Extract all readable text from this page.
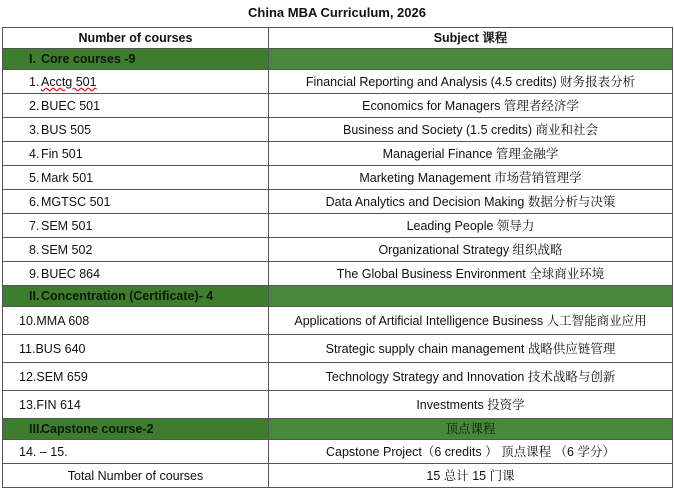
China MBA Curriculum, 2026
Number of courses	Subject 课程
I. Core courses -9	
1. Acctg 501	Financial Reporting and Analysis (4.5 credits) 财务报表分析
2. BUEC 501	Economics for Managers 管理者经济学
3. BUS 505	Business and Society (1.5 credits) 商业和社会
4. Fin 501	Managerial Finance 管理金融学
5. Mark 501	Marketing Management 市场营销管理学
6. MGTSC 501	Data Analytics and Decision Making 数据分析与决策
7. SEM 501	Leading People 领导力
8. SEM 502	Organizational Strategy 组织战略
9. BUEC 864	The Global Business Environment 全球商业环境
II. Concentration (Certificate)- 4	
10.MMA 608	Applications of Artificial Intelligence Business 人工智能商业应用
11.BUS 640	Strategic supply chain management 战略供应链管理
12.SEM 659	Technology Strategy and Innovation 技术战略与创新
13.FIN 614	Investments 投资学
III.Capstone course-2	顶点课程
14. – 15.	Capstone Project（6 credits ） 顶点课程 （6 学分）
Total Number of courses	15 总计 15 门课
